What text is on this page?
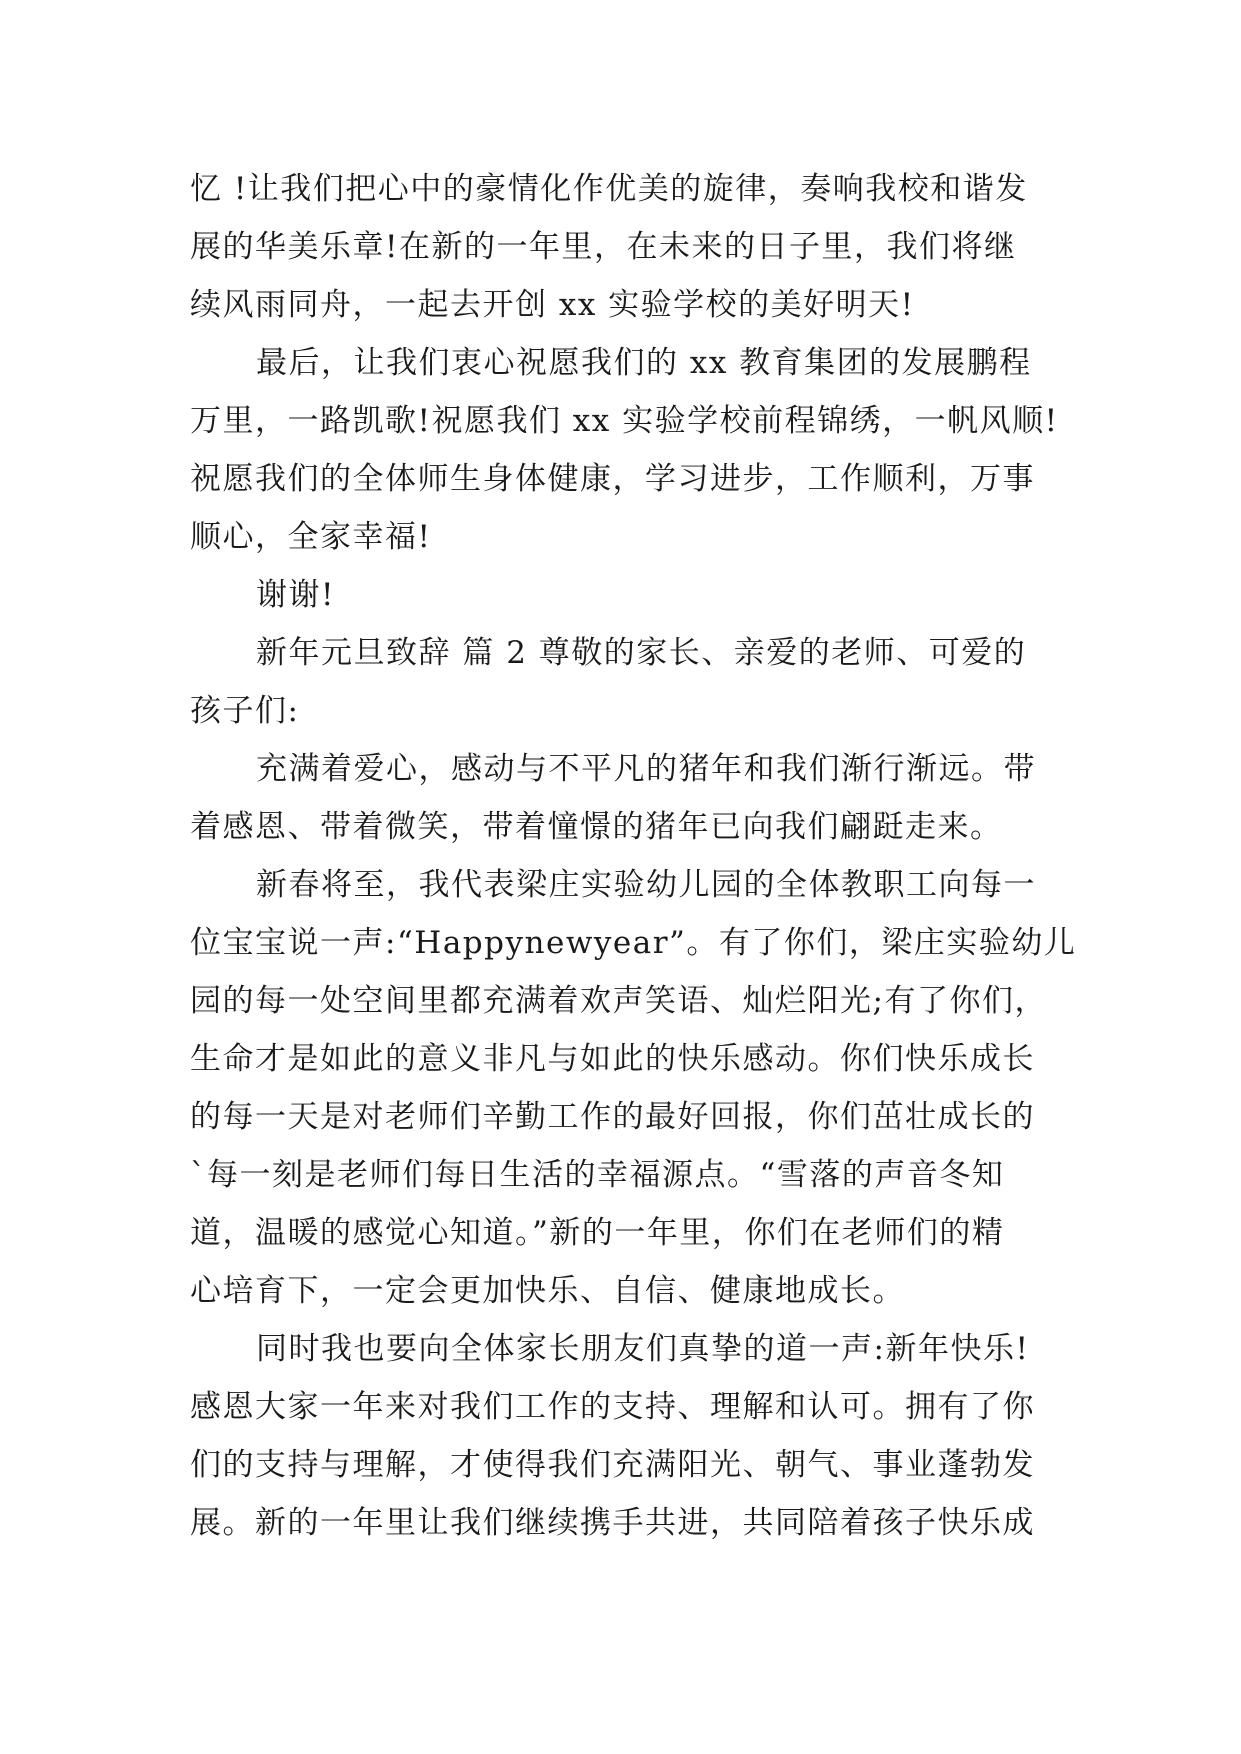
忆 !让我们把心中的豪情化作优美的旋律，奏响我校和谐发
展的华美乐章!在新的一年里，在未来的日子里，我们将继
续风雨同舟，一起去开创 xx 实验学校的美好明天!
最后，让我们衷心祝愿我们的 xx 教育集团的发展鹏程
万里，一路凯歌!祝愿我们 xx 实验学校前程锦绣，一帆风顺!
祝愿我们的全体师生身体健康，学习进步，工作顺利，万事
顺心，全家幸福!
谢谢!
新年元旦致辞 篇 2 尊敬的家长、亲爱的老师、可爱的
孩子们:
充满着爱心，感动与不平凡的猪年和我们渐行渐远。带
着感恩、带着微笑，带着憧憬的猪年已向我们翩跹走来。
新春将至，我代表梁庄实验幼儿园的全体教职工向每一
位宝宝说一声:“Happynewyear”。有了你们，梁庄实验幼儿
园的每一处空间里都充满着欢声笑语、灿烂阳光;有了你们，
生命才是如此的意义非凡与如此的快乐感动。你们快乐成长
的每一天是对老师们辛勤工作的最好回报，你们茁壮成长的
`每一刻是老师们每日生活的幸福源点。“雪落的声音冬知
道，温暖的感觉心知道。”新的一年里，你们在老师们的精
心培育下，一定会更加快乐、自信、健康地成长。
同时我也要向全体家长朋友们真挚的道一声:新年快乐!
感恩大家一年来对我们工作的支持、理解和认可。拥有了你
们的支持与理解，才使得我们充满阳光、朝气、事业蓬勃发
展。新的一年里让我们继续携手共进，共同陪着孩子快乐成
